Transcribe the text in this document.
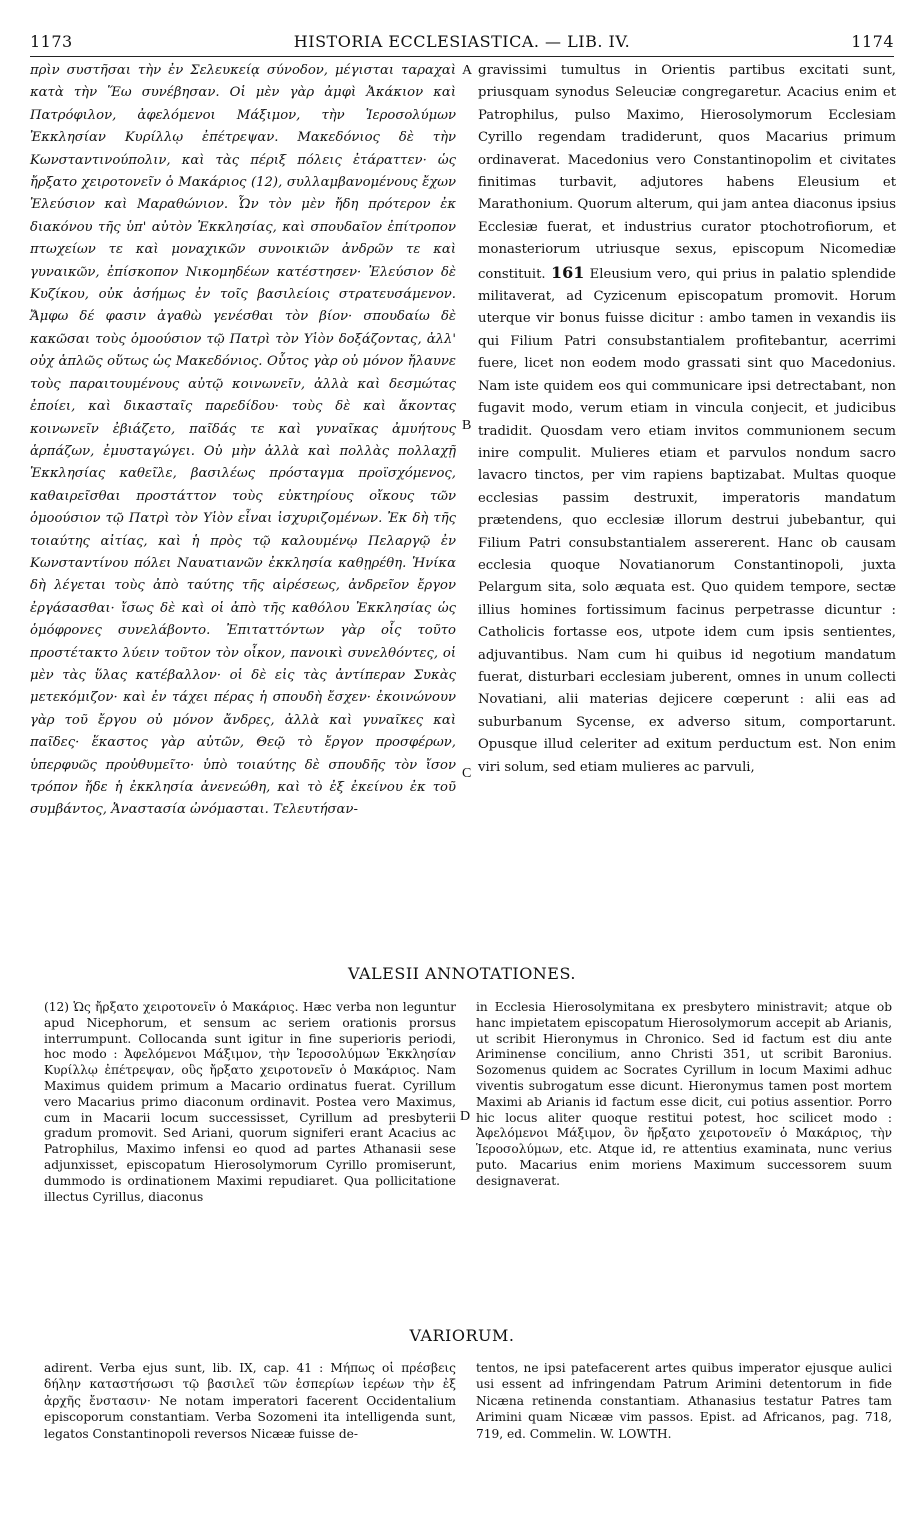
1173	HISTORIA ECCLESIASTICA. — LIB. IV.	1174

πρὶν συστῆσαι τὴν ἐν Σελευκείᾳ σύνοδον, μέγισται ταραχαὶ κατὰ τὴν Ἕω συνέβησαν. Οἱ μὲν γὰρ ἀμφὶ Ἀκάκιον καὶ Πατρόφιλον, ἀφελόμενοι Μάξιμον, τὴν Ἱεροσολύμων Ἐκκλησίαν Κυρίλλῳ ἐπέτρεψαν. Μακεδόνιος δὲ τὴν Κωνσταντινούπολιν, καὶ τὰς πέριξ πόλεις ἐτάραττεν· ὡς ἤρξατο χειροτονεῖν ὁ Μακάριος (12), συλλαμβανομένους ἔχων Ἐλεύσιον καὶ Μαραθώνιον. Ὧν τὸν μὲν ἤδη πρότερον ἐκ διακόνου τῆς ὑπ' αὐτὸν Ἐκκλησίας, καὶ σπουδαῖον ἐπίτροπον πτωχείων τε καὶ μοναχικῶν συνοικιῶν ἀνδρῶν τε καὶ γυναικῶν, ἐπίσκοπον Νικομηδέων κατέστησεν· Ἐλεύσιον δὲ Κυζίκου, οὐκ ἀσήμως ἐν τοῖς βασιλείοις στρατευσάμενον. Ἄμφω δέ φασιν ἀγαθὼ γενέσθαι τὸν βίον· σπουδαίω δὲ κακῶσαι τοὺς ὁμοούσιον τῷ Πατρὶ τὸν Υἱὸν δοξάζοντας, ἀλλ' οὐχ ἁπλῶς οὕτως ὡς Μακεδόνιος. Οὗτος γὰρ οὐ μόνον ἤλαυνε τοὺς παραιτουμένους αὐτῷ κοινωνεῖν, ἀλλὰ καὶ δεσμώτας ἐποίει, καὶ δικασταῖς παρεδίδου· τοὺς δὲ καὶ ἄκοντας κοινωνεῖν ἐβιάζετο, παῖδάς τε καὶ γυναῖκας ἀμυήτους ἁρπάζων, ἐμυσταγώγει. Οὐ μὴν ἀλλὰ καὶ πολλὰς πολλαχῇ Ἐκκλησίας καθεῖλε, βασιλέως πρόσταγμα προϊσχόμενος, καθαιρεῖσθαι προστάττον τοὺς εὐκτηρίους οἴκους τῶν ὁμοούσιον τῷ Πατρὶ τὸν Υἱὸν εἶναι ἰσχυριζομένων. Ἐκ δὴ τῆς τοιαύτης αἰτίας, καὶ ἡ πρὸς τῷ καλουμένῳ Πελαργῷ ἐν Κωνσταντίνου πόλει Ναυατιανῶν ἐκκλησία καθῃρέθη. Ἡνίκα δὴ λέγεται τοὺς ἀπὸ ταύτης τῆς αἱρέσεως, ἀνδρεῖον ἔργον ἐργάσασθαι· ἴσως δὲ καὶ οἱ ἀπὸ τῆς καθόλου Ἐκκλησίας ὡς ὁμόφρονες συνελάβοντο. Ἐπιταττόντων γὰρ οἷς τοῦτο προστέτακτο λύειν τοῦτον τὸν οἶκον, πανοικὶ συνελθόντες, οἱ μὲν τὰς ὕλας κατέβαλλον· οἱ δὲ εἰς τὰς ἀντίπεραν Συκὰς μετεκόμιζον· καὶ ἐν τάχει πέρας ἡ σπουδὴ ἔσχεν· ἐκοινώνουν γὰρ τοῦ ἔργου οὐ μόνον ἄνδρες, ἀλλὰ καὶ γυναῖκες καὶ παῖδες· ἕκαστος γὰρ αὐτῶν, Θεῷ τὸ ἔργον προσφέρων, ὑπερφυῶς προὐθυμεῖτο· ὑπὸ τοιαύτης δὲ σπουδῆς τὸν ἴσον τρόπον ἤδε ἡ ἐκκλησία ἀνενεώθη, καὶ τὸ ἐξ ἐκείνου ἐκ τοῦ συμβάντος, Ἀναστασία ὠνόμασται. Τελευτήσαν-

A
B
C
D

gravissimi tumultus in Orientis partibus excitati sunt, priusquam synodus Seleuciæ congregaretur. Acacius enim et Patrophilus, pulso Maximo, Hierosolymorum Ecclesiam Cyrillo regendam tradiderunt, quos Macarius primum ordinaverat. Macedonius vero Constantinopolim et civitates finitimas turbavit, adjutores habens Eleusium et Marathonium. Quorum alterum, qui jam antea diaconus ipsius Ecclesiæ fuerat, et industrius curator ptochotrofiorum, et monasteriorum utriusque sexus, episcopum Nicomediæ constituit. 161 Eleusium vero, qui prius in palatio splendide militaverat, ad Cyzicenum episcopatum promovit. Horum uterque vir bonus fuisse dicitur : ambo tamen in vexandis iis qui Filium Patri consubstantialem profitebantur, acerrimi fuere, licet non eodem modo grassati sint quo Macedonius. Nam iste quidem eos qui communicare ipsi detrectabant, non fugavit modo, verum etiam in vincula conjecit, et judicibus tradidit. Quosdam vero etiam invitos communionem secum inire compulit. Mulieres etiam et parvulos nondum sacro lavacro tinctos, per vim rapiens baptizabat. Multas quoque ecclesias passim destruxit, imperatoris mandatum prætendens, quo ecclesiæ illorum destrui jubebantur, qui Filium Patri consubstantialem assererent. Hanc ob causam ecclesia quoque Novatianorum Constantinopoli, juxta Pelargum sita, solo æquata est. Quo quidem tempore, sectæ illius homines fortissimum facinus perpetrasse dicuntur : Catholicis fortasse eos, utpote idem cum ipsis sentientes, adjuvantibus. Nam cum hi quibus id negotium mandatum fuerat, disturbari ecclesiam juberent, omnes in unum collecti Novatiani, alii materias dejicere cœperunt : alii eas ad suburbanum Sycense, ex adverso situm, comportarunt. Opusque illud celeriter ad exitum perductum est. Non enim viri solum, sed etiam mulieres ac parvuli,

VALESII ANNOTATIONES.

(12) Ὡς ἤρξατο χειροτονεῖν ὁ Μακάριος. Hæc verba non leguntur apud Nicephorum, et sensum ac seriem orationis prorsus interrumpunt. Collocanda sunt igitur in fine superioris periodi, hoc modo : Ἀφελόμενοι Μάξιμον, τὴν Ἱεροσολύμων Ἐκκλησίαν Κυρίλλῳ ἐπέτρεψαν, οὓς ἤρξατο χειροτονεῖν ὁ Μακάριος. Nam Maximus quidem primum a Macario ordinatus fuerat. Cyrillum vero Macarius primo diaconum ordinavit. Postea vero Maximus, cum in Macarii locum successisset, Cyrillum ad presbyterii gradum promovit. Sed Ariani, quorum signiferi erant Acacius ac Patrophilus, Maximo infensi eo quod ad partes Athanasii sese adjunxisset, episcopatum Hierosolymorum Cyrillo promiserunt, dummodo is ordinationem Maximi repudiaret. Qua pollicitatione illectus Cyrillus, diaconus

in Ecclesia Hierosolymitana ex presbytero ministravit; atque ob hanc impietatem episcopatum Hierosolymorum accepit ab Arianis, ut scribit Hieronymus in Chronico. Sed id factum est diu ante Ariminense concilium, anno Christi 351, ut scribit Baronius. Sozomenus quidem ac Socrates Cyrillum in locum Maximi adhuc viventis subrogatum esse dicunt. Hieronymus tamen post mortem Maximi ab Arianis id factum esse dicit, cui potius assentior. Porro hic locus aliter quoque restitui potest, hoc scilicet modo : Ἀφελόμενοι Μάξιμον, ὃν ἤρξατο χειροτονεῖν ὁ Μακάριος, τὴν Ἱεροσολύμων, etc. Atque id, re attentius examinata, nunc verius puto. Macarius enim moriens Maximum successorem suum designaverat.

VARIORUM.

adirent. Verba ejus sunt, lib. IX, cap. 41 : Μήπως οἱ πρέσβεις δήλην καταστήσωσι τῷ βασιλεῖ τῶν ἑσπερίων ἱερέων τὴν ἐξ ἀρχῆς ἔνστασιν· Ne notam imperatori facerent Occidentalium episcoporum constantiam. Verba Sozomeni ita intelligenda sunt, legatos Constantinopoli reversos Nicææ fuisse de-

tentos, ne ipsi patefacerent artes quibus imperator ejusque aulici usi essent ad infringendam Patrum Arimini detentorum in fide Nicæna retinenda constantiam. Athanasius testatur Patres tam Arimini quam Nicææ vim passos. Epist. ad Africanos, pag. 718, 719, ed. Commelin. W. LOWTH.
